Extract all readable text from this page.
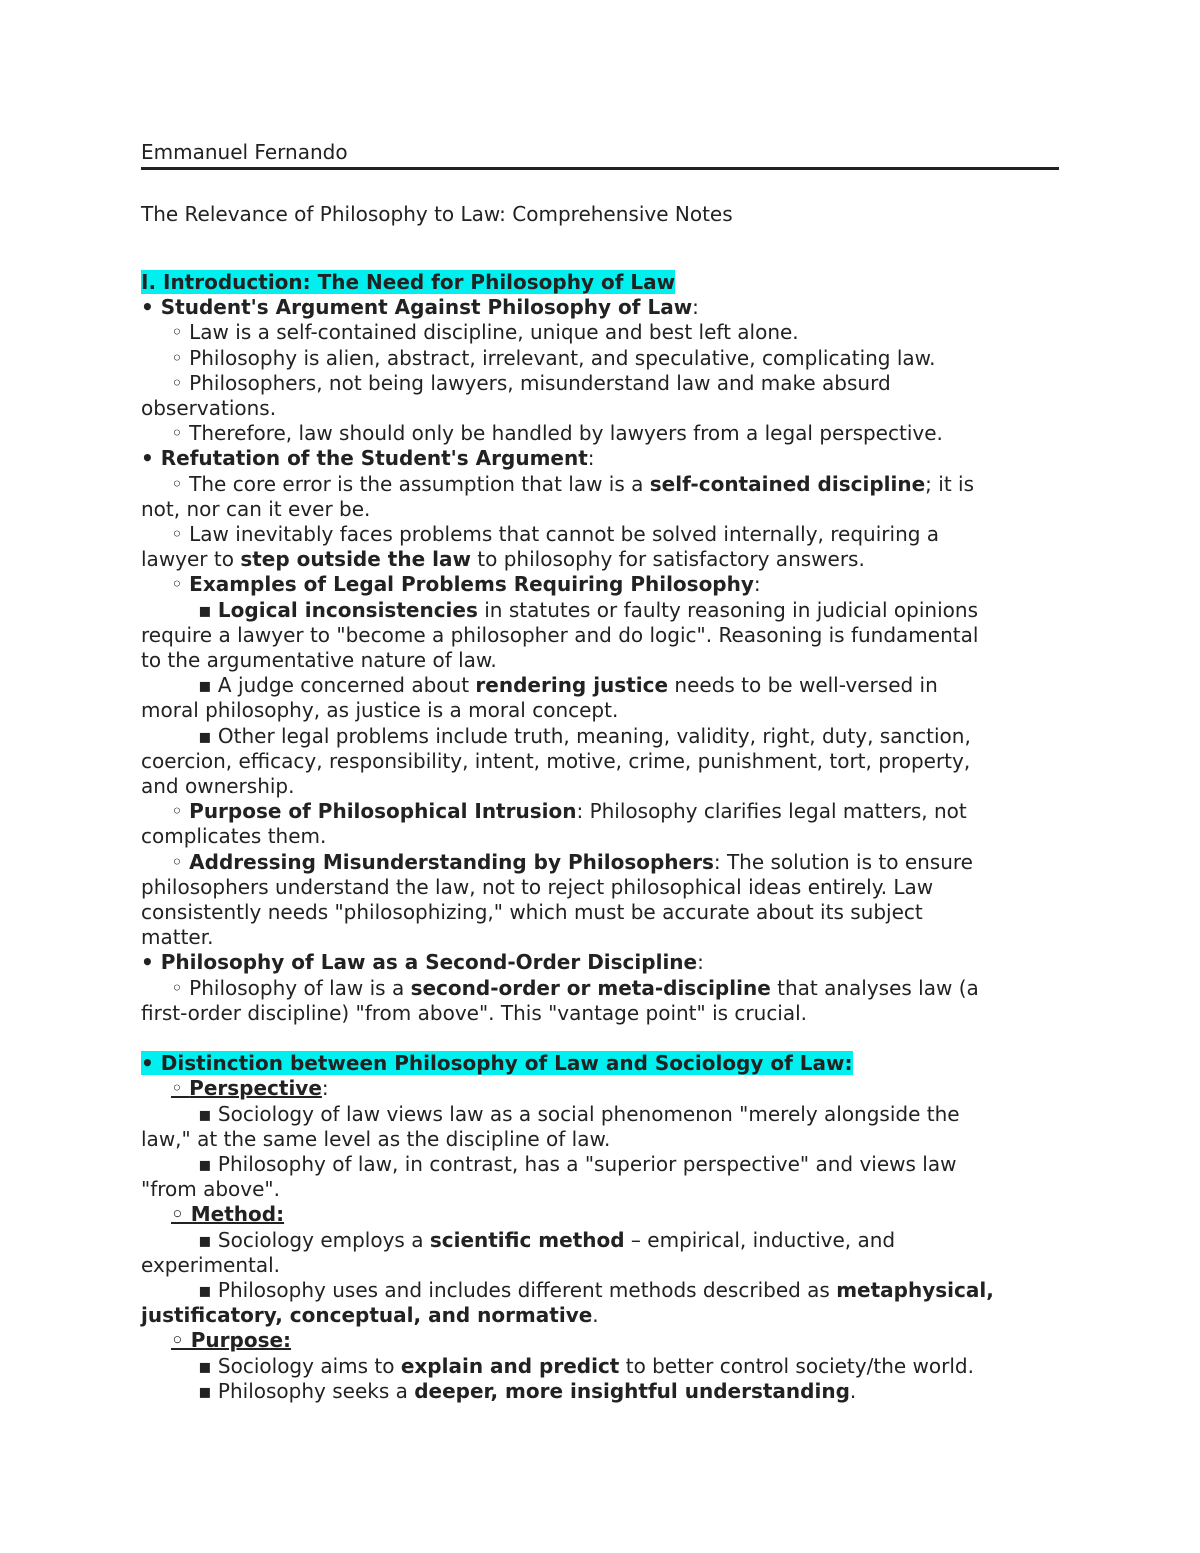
Emmanuel Fernando
The Relevance of Philosophy to Law: Comprehensive Notes
I. Introduction: The Need for Philosophy of Law
• Student's Argument Against Philosophy of Law:
◦ Law is a self-contained discipline, unique and best left alone.
◦ Philosophy is alien, abstract, irrelevant, and speculative, complicating law.
◦ Philosophers, not being lawyers, misunderstand law and make absurd
observations.
◦ Therefore, law should only be handled by lawyers from a legal perspective.
• Refutation of the Student's Argument:
◦ The core error is the assumption that law is a self-contained discipline; it is
not, nor can it ever be.
◦ Law inevitably faces problems that cannot be solved internally, requiring a
lawyer to step outside the law to philosophy for satisfactory answers.
◦ Examples of Legal Problems Requiring Philosophy:
▪ Logical inconsistencies in statutes or faulty reasoning in judicial opinions
require a lawyer to "become a philosopher and do logic". Reasoning is fundamental
to the argumentative nature of law.
▪ A judge concerned about rendering justice needs to be well-versed in
moral philosophy, as justice is a moral concept.
▪ Other legal problems include truth, meaning, validity, right, duty, sanction,
coercion, efficacy, responsibility, intent, motive, crime, punishment, tort, property,
and ownership.
◦ Purpose of Philosophical Intrusion: Philosophy clarifies legal matters, not
complicates them.
◦ Addressing Misunderstanding by Philosophers: The solution is to ensure
philosophers understand the law, not to reject philosophical ideas entirely. Law
consistently needs "philosophizing," which must be accurate about its subject
matter.
• Philosophy of Law as a Second-Order Discipline:
◦ Philosophy of law is a second-order or meta-discipline that analyses law (a
first-order discipline) "from above". This "vantage point" is crucial.
• Distinction between Philosophy of Law and Sociology of Law:
◦ Perspective:
▪ Sociology of law views law as a social phenomenon "merely alongside the
law," at the same level as the discipline of law.
▪ Philosophy of law, in contrast, has a "superior perspective" and views law
"from above".
◦ Method:
▪ Sociology employs a scientific method – empirical, inductive, and
experimental.
▪ Philosophy uses and includes different methods described as metaphysical,
justificatory, conceptual, and normative.
◦ Purpose:
▪ Sociology aims to explain and predict to better control society/the world.
▪ Philosophy seeks a deeper, more insightful understanding.
